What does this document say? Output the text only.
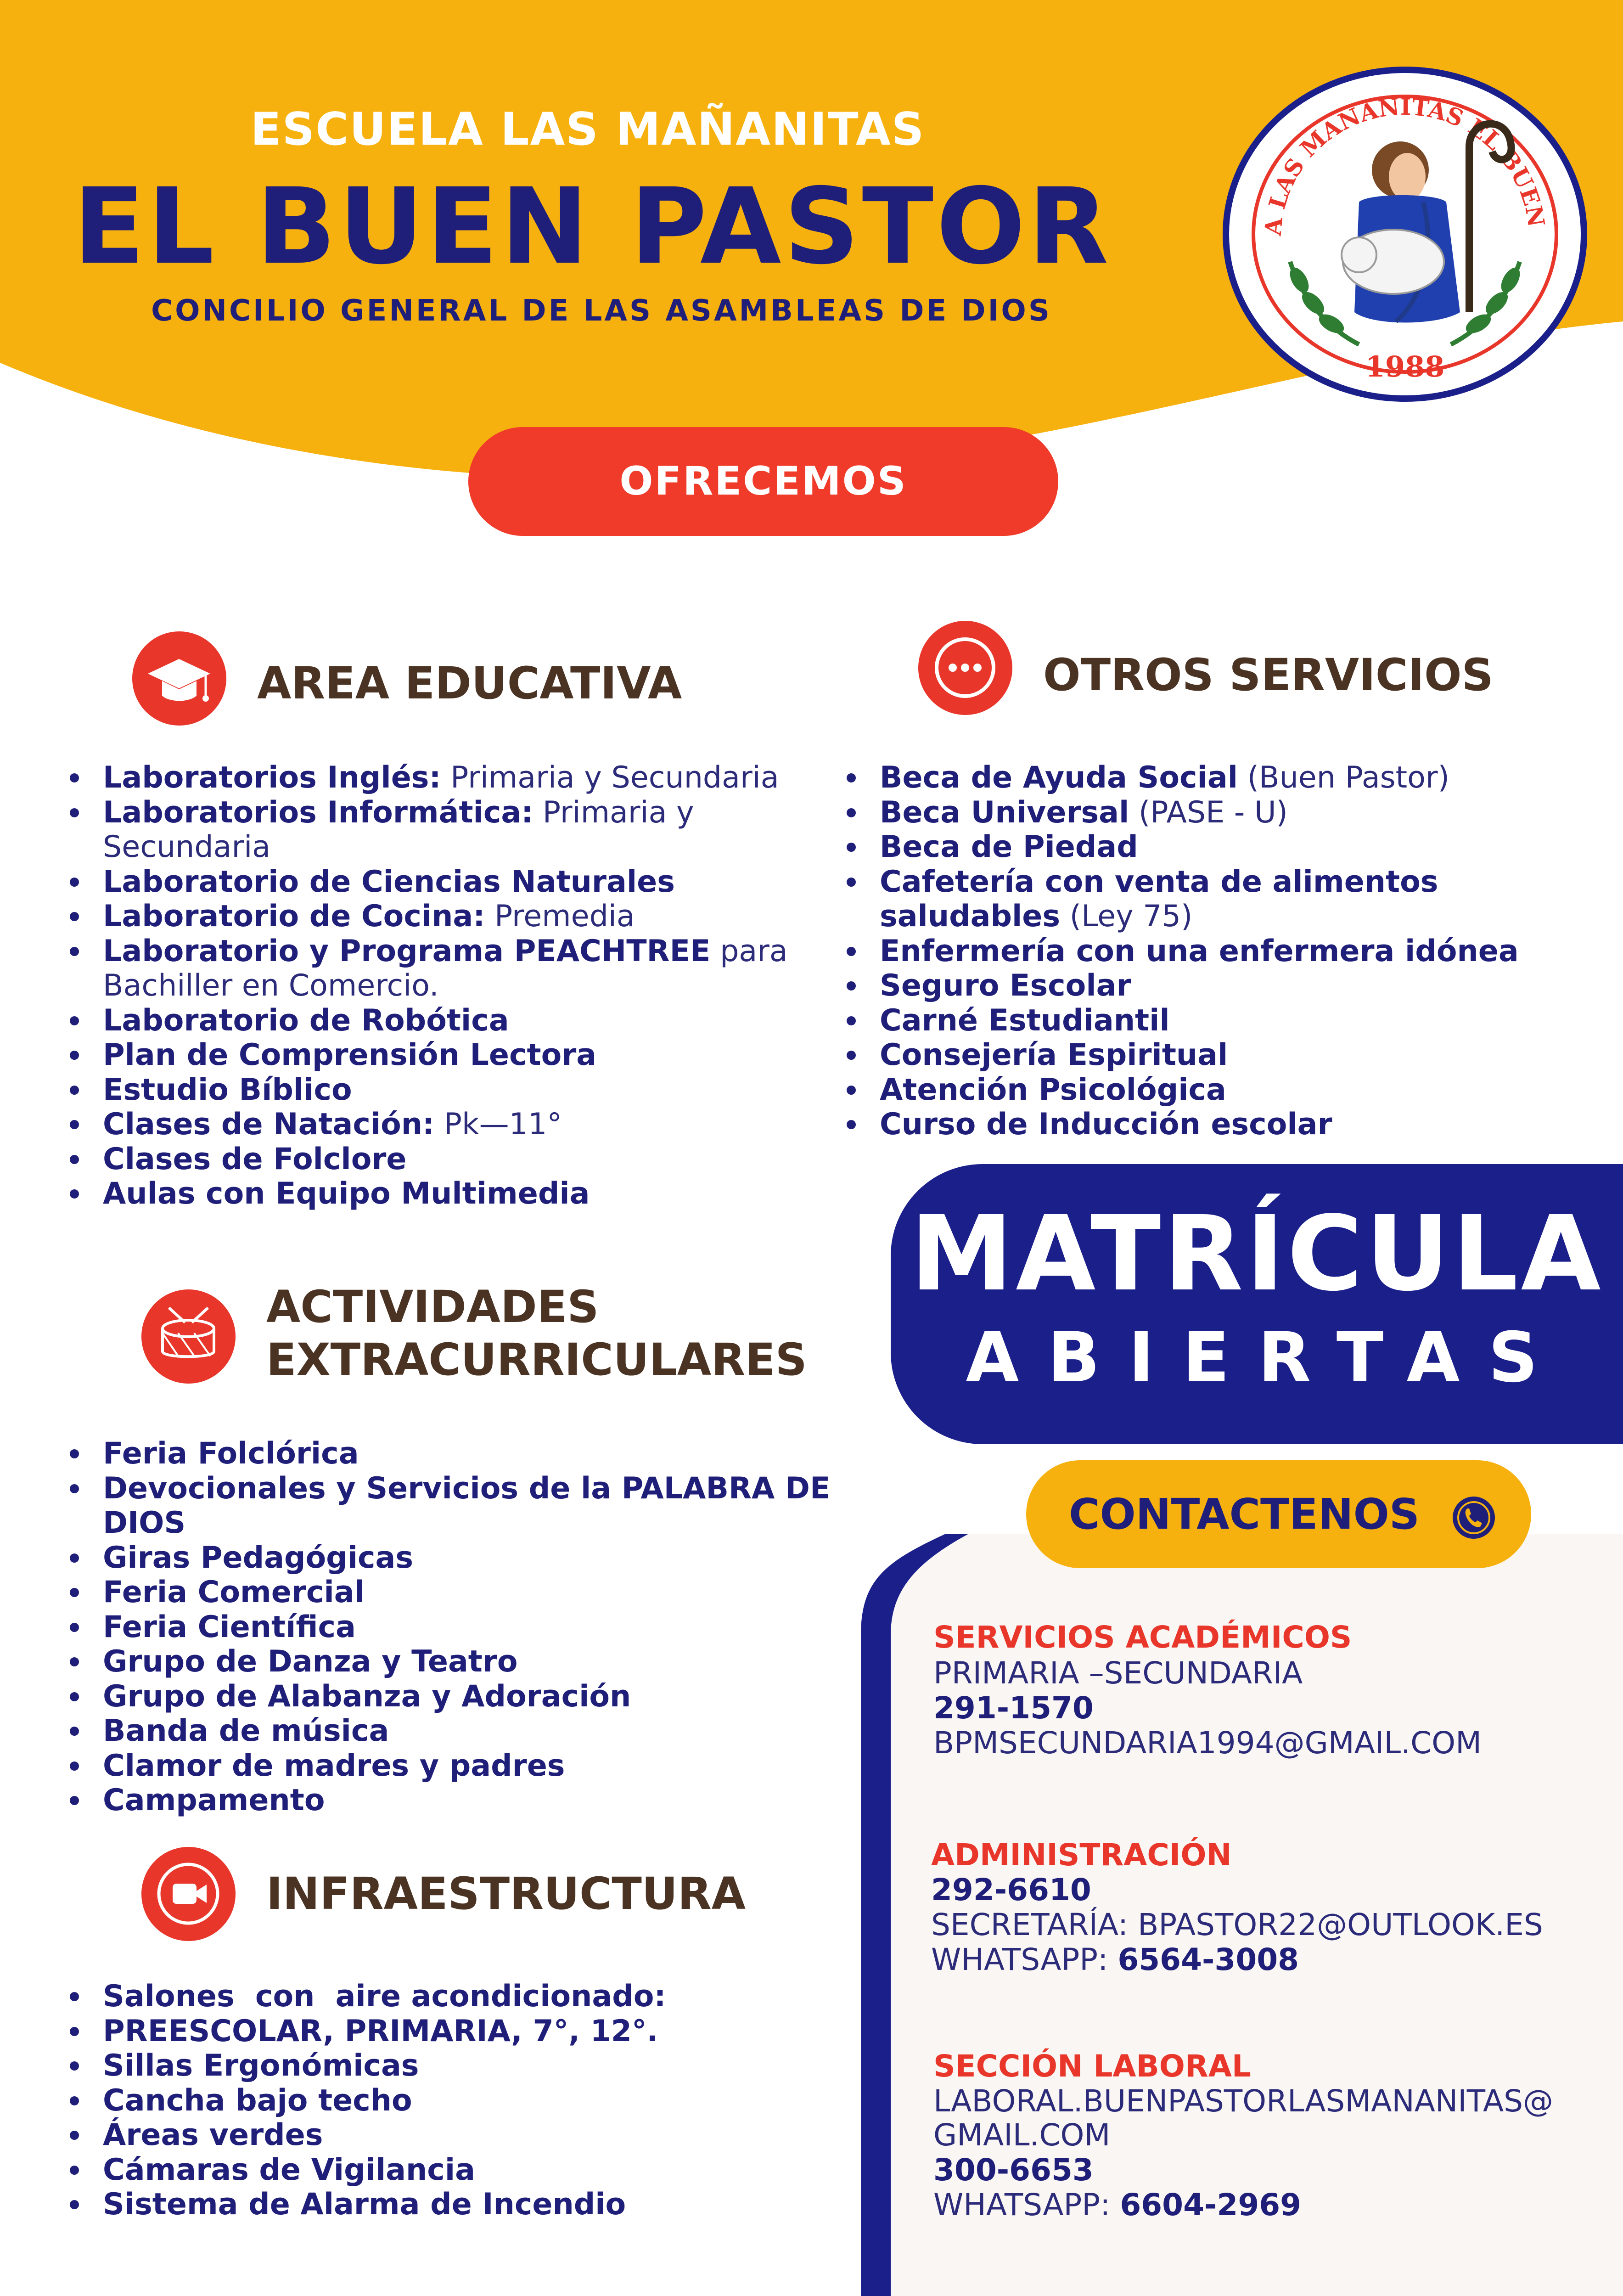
ESCUELA LAS MAÑANITAS
EL BUEN PASTOR
CONCILIO GENERAL DE LAS ASAMBLEAS DE DIOS
A LAS MAÑANITAS EL BUEN
1988
OFRECEMOS
AREA EDUCATIVA
Laboratorios Inglés: Primaria y Secundaria
Laboratorios Informática: Primaria y Secundaria
Laboratorio de Ciencias Naturales
Laboratorio de Cocina: Premedia
Laboratorio y Programa PEACHTREE para Bachiller en Comercio.
Laboratorio de Robótica
Plan de Comprensión Lectora
Estudio Bíblico
Clases de Natación: Pk—11°
Clases de Folclore
Aulas con Equipo Multimedia
OTROS SERVICIOS
Beca de Ayuda Social (Buen Pastor)
Beca Universal (PASE - U)
Beca de Piedad
Cafetería con venta de alimentos saludables (Ley 75)
Enfermería con una enfermera idónea
Seguro Escolar
Carné Estudiantil
Consejería Espiritual
Atención Psicológica
Curso de Inducción escolar
MATRÍCULA
ABIERTAS
ACTIVIDADES
EXTRACURRICULARES
Feria Folclórica
Devocionales y Servicios de la PALABRA DE DIOS
Giras Pedagógicas
Feria Comercial
Feria Científica
Grupo de Danza y Teatro
Grupo de Alabanza y Adoración
Banda de música
Clamor de madres y padres
Campamento
INFRAESTRUCTURA
Salones  con  aire acondicionado:
PREESCOLAR, PRIMARIA, 7°, 12°.
Sillas Ergonómicas
Cancha bajo techo
Áreas verdes
Cámaras de Vigilancia
Sistema de Alarma de Incendio
CONTACTENOS
SERVICIOS ACADÉMICOS
PRIMARIA –SECUNDARIA
291-1570
BPMSECUNDARIA1994@GMAIL.COM
ADMINISTRACIÓN
292-6610
SECRETARÍA: BPASTOR22@OUTLOOK.ES
WHATSAPP: 6564-3008
SECCIÓN LABORAL
LABORAL.BUENPASTORLASMANANITAS@
GMAIL.COM
300-6653
WHATSAPP: 6604-2969
